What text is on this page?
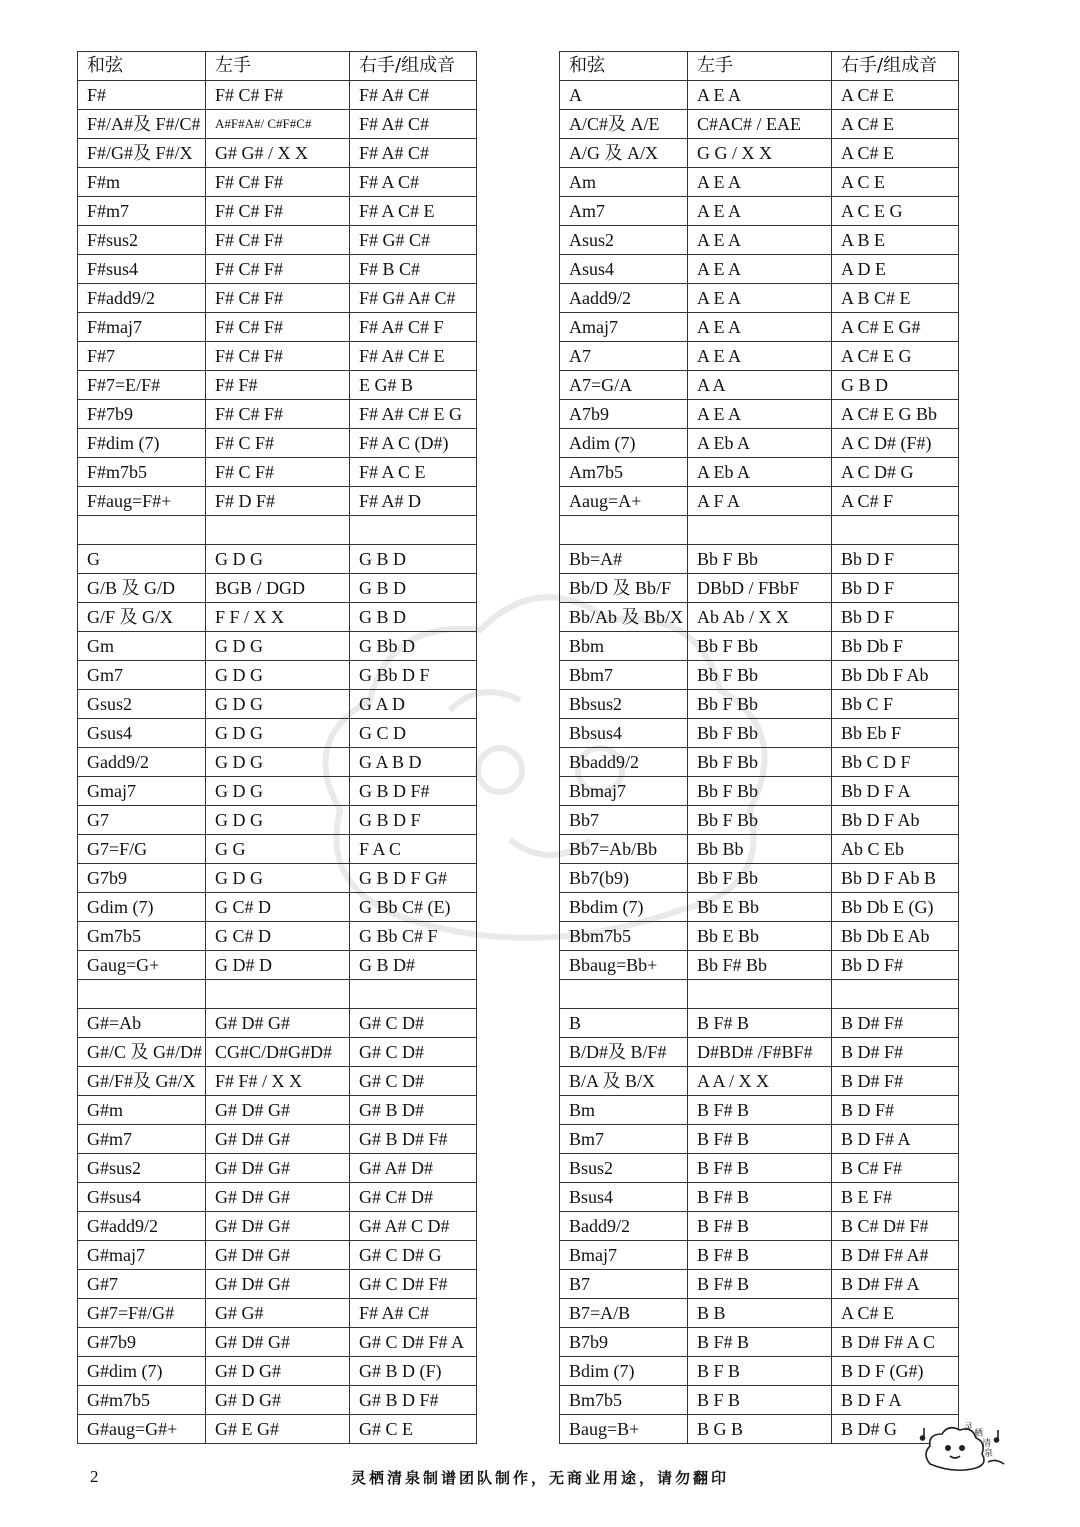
和弦	左手	右手/组成音
F#	F# C# F#	F# A# C#
F#/A#及 F#/C#	A#F#A#/ C#F#C#	F# A# C#
F#/G#及 F#/X	G# G# / X X	F# A# C#
F#m	F# C# F#	F# A C#
F#m7	F# C# F#	F# A C# E
F#sus2	F# C# F#	F# G# C#
F#sus4	F# C# F#	F# B C#
F#add9/2	F# C# F#	F# G# A# C#
F#maj7	F# C# F#	F# A# C# F
F#7	F# C# F#	F# A# C# E
F#7=E/F#	F# F#	E G# B
F#7b9	F# C# F#	F# A# C# E G
F#dim (7)	F# C F#	F# A C (D#)
F#m7b5	F# C F#	F# A C E
F#aug=F#+	F# D F#	F# A# D

G	G D G	G B D
G/B 及 G/D	BGB / DGD	G B D
G/F 及 G/X	F F / X X	G B D
Gm	G D G	G Bb D
Gm7	G D G	G Bb D F
Gsus2	G D G	G A D
Gsus4	G D G	G C D
Gadd9/2	G D G	G A B D
Gmaj7	G D G	G B D F#
G7	G D G	G B D F
G7=F/G	G G	F A C
G7b9	G D G	G B D F G#
Gdim (7)	G C# D	G Bb C# (E)
Gm7b5	G C# D	G Bb C# F
Gaug=G+	G D# D	G B D#

G#=Ab	G# D# G#	G# C D#
G#/C 及 G#/D#	CG#C/D#G#D#	G# C D#
G#/F#及 G#/X	F# F# / X X	G# C D#
G#m	G# D# G#	G# B D#
G#m7	G# D# G#	G# B D# F#
G#sus2	G# D# G#	G# A# D#
G#sus4	G# D# G#	G# C# D#
G#add9/2	G# D# G#	G# A# C D#
G#maj7	G# D# G#	G# C D# G
G#7	G# D# G#	G# C D# F#
G#7=F#/G#	G# G#	F# A# C#
G#7b9	G# D# G#	G# C D# F# A
G#dim (7)	G# D G#	G# B D (F)
G#m7b5	G# D G#	G# B D F#
G#aug=G#+	G# E G#	G# C E
和弦	左手	右手/组成音
A	A E A	A C# E
A/C#及 A/E	C#AC# / EAE	A C# E
A/G 及 A/X	G G / X X	A C# E
Am	A E A	A C E
Am7	A E A	A C E G
Asus2	A E A	A B E
Asus4	A E A	A D E
Aadd9/2	A E A	A B C# E
Amaj7	A E A	A C# E G#
A7	A E A	A C# E G
A7=G/A	A A	G B D
A7b9	A E A	A C# E G Bb
Adim (7)	A Eb A	A C D# (F#)
Am7b5	A Eb A	A C D# G
Aaug=A+	A F A	A C# F

Bb=A#	Bb F Bb	Bb D F
Bb/D 及 Bb/F	DBbD / FBbF	Bb D F
Bb/Ab 及 Bb/X	Ab Ab / X X	Bb D F
Bbm	Bb F Bb	Bb Db F
Bbm7	Bb F Bb	Bb Db F Ab
Bbsus2	Bb F Bb	Bb C F
Bbsus4	Bb F Bb	Bb Eb F
Bbadd9/2	Bb F Bb	Bb C D F
Bbmaj7	Bb F Bb	Bb D F A
Bb7	Bb F Bb	Bb D F Ab
Bb7=Ab/Bb	Bb Bb	Ab C Eb
Bb7(b9)	Bb F Bb	Bb D F Ab B
Bbdim (7)	Bb E Bb	Bb Db E (G)
Bbm7b5	Bb E Bb	Bb Db E Ab
Bbaug=Bb+	Bb F# Bb	Bb D F#

B	B F# B	B D# F#
B/D#及 B/F#	D#BD# /F#BF#	B D# F#
B/A 及 B/X	A A / X X	B D# F#
Bm	B F# B	B D F#
Bm7	B F# B	B D F# A
Bsus2	B F# B	B C# F#
Bsus4	B F# B	B E F#
Badd9/2	B F# B	B C# D# F#
Bmaj7	B F# B	B D# F# A#
B7	B F# B	B D# F# A
B7=A/B	B B	A C# E
B7b9	B F# B	B D# F# A C
Bdim (7)	B F B	B D F (G#)
Bm7b5	B F B	B D F A
Baug=B+	B G B	B D# G
2	灵栖清泉制谱团队制作，无商业用途，请勿翻印
灵
栖
清
泉
